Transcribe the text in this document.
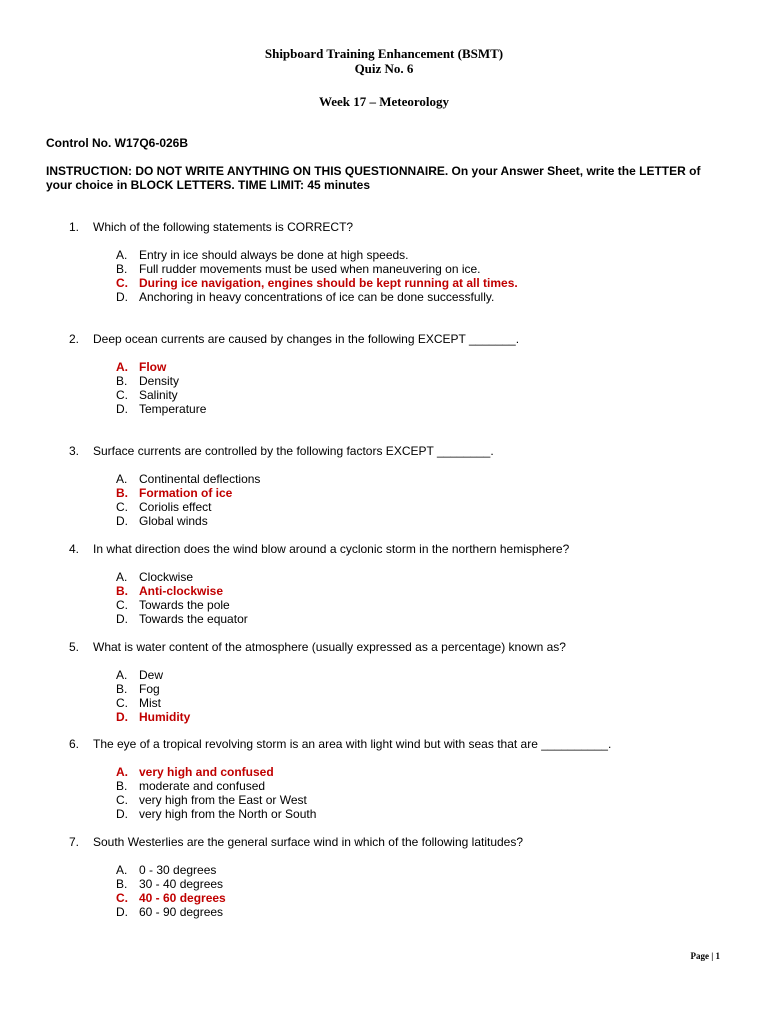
Shipboard Training Enhancement (BSMT)
Quiz No. 6
Week 17 – Meteorology
Control No. W17Q6-026B
INSTRUCTION: DO NOT WRITE ANYTHING ON THIS QUESTIONNAIRE. On your Answer Sheet, write the LETTER of your choice in BLOCK LETTERS. TIME LIMIT: 45 minutes
1. Which of the following statements is CORRECT?
A. Entry in ice should always be done at high speeds.
B. Full rudder movements must be used when maneuvering on ice.
C. During ice navigation, engines should be kept running at all times.
D. Anchoring in heavy concentrations of ice can be done successfully.
2. Deep ocean currents are caused by changes in the following EXCEPT _______.
A. Flow
B. Density
C. Salinity
D. Temperature
3. Surface currents are controlled by the following factors EXCEPT ________.
A. Continental deflections
B. Formation of ice
C. Coriolis effect
D. Global winds
4. In what direction does the wind blow around a cyclonic storm in the northern hemisphere?
A. Clockwise
B. Anti-clockwise
C. Towards the pole
D. Towards the equator
5. What is water content of the atmosphere (usually expressed as a percentage) known as?
A. Dew
B. Fog
C. Mist
D. Humidity
6. The eye of a tropical revolving storm is an area with light wind but with seas that are __________.
A. very high and confused
B. moderate and confused
C. very high from the East or West
D. very high from the North or South
7. South Westerlies are the general surface wind in which of the following latitudes?
A. 0 - 30 degrees
B. 30 - 40 degrees
C. 40 - 60 degrees
D. 60 - 90 degrees
Page | 1
